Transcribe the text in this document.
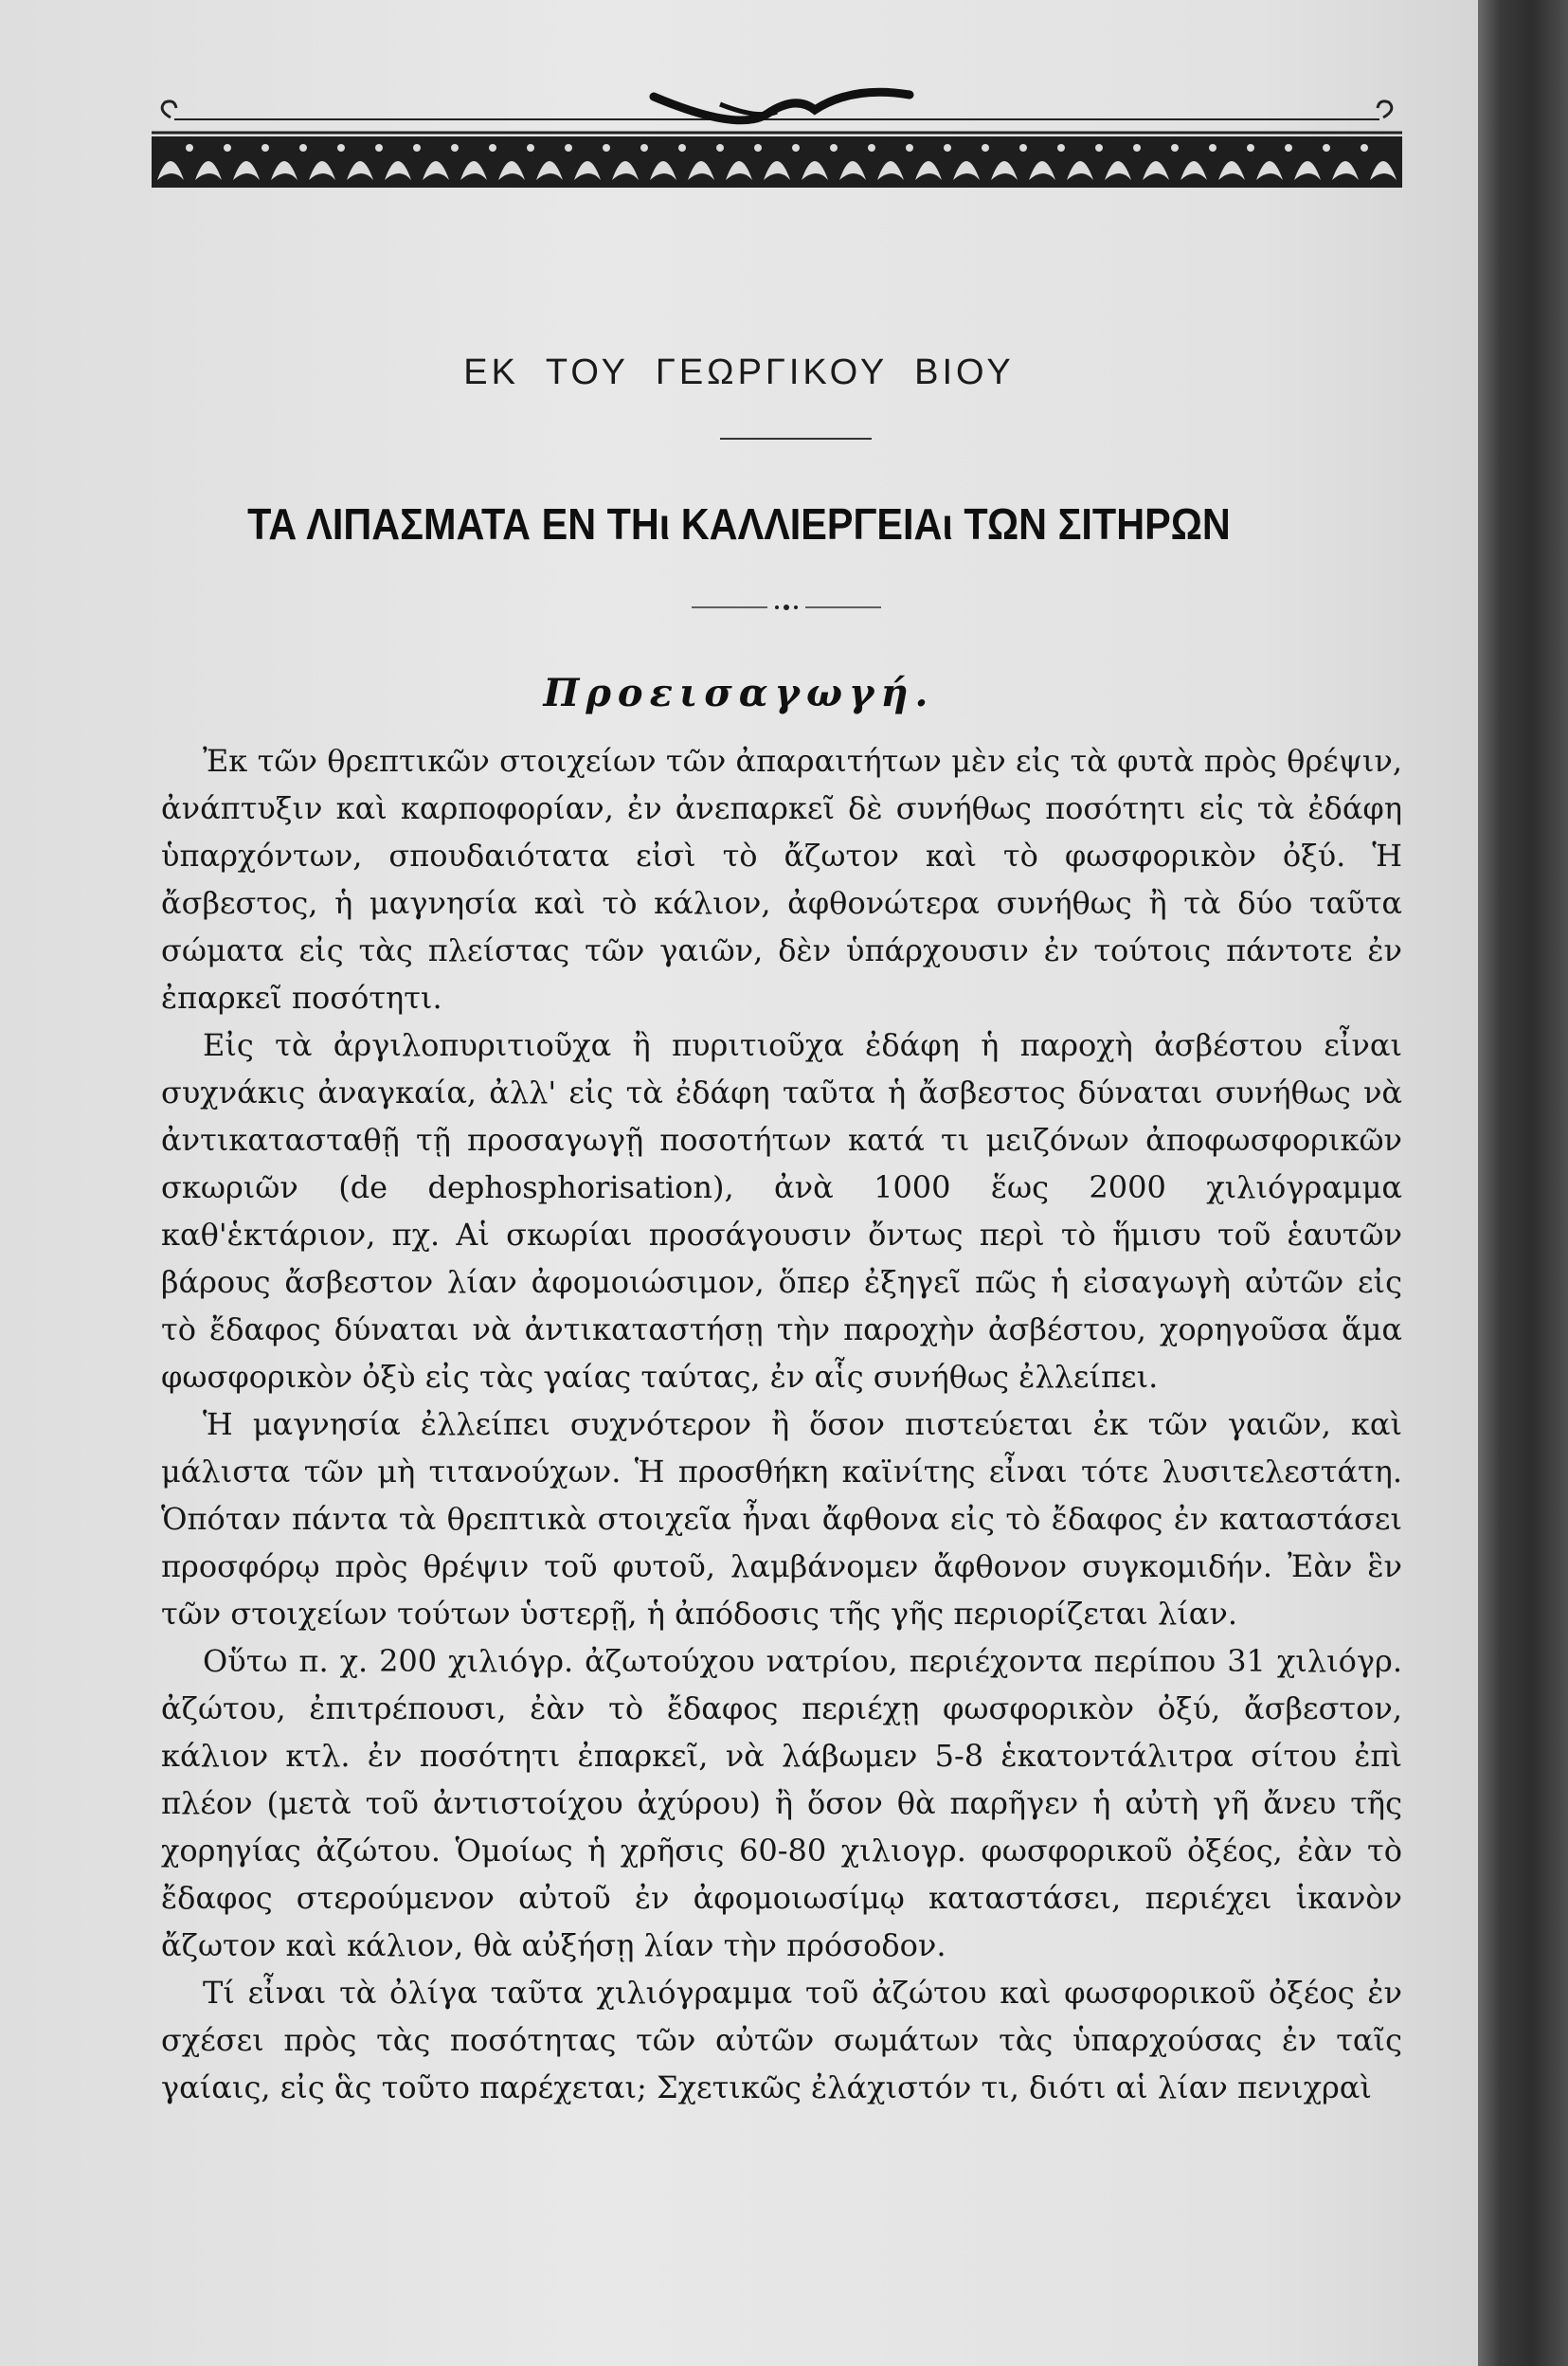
ΕΚ ΤΟΥ ΓΕΩΡΓΙΚΟΥ ΒΙΟΥ
ΤΑ ΛΙΠΑΣΜΑΤΑ ΕΝ ΤΗι ΚΑΛΛΙΕΡΓΕΙΑι ΤΩΝ ΣΙΤΗΡΩΝ
Προεισαγωγή.

Ἐκ τῶν θρεπτικῶν στοιχείων τῶν ἀπαραιτήτων μὲν εἰς τὰ φυτὰ πρὸς θρέψιν, ἀνάπτυξιν καὶ καρποφορίαν, ἐν ἀνεπαρκεῖ δὲ συνήθως ποσότητι εἰς τὰ ἐδάφη ὑπαρχόντων, σπουδαιότατα εἰσὶ τὸ ἄζωτον καὶ τὸ φωσφορικὸν ὀξύ. Ἡ ἄσβεστος, ἡ μαγνησία καὶ τὸ κάλιον, ἀφθονώτερα συνήθως ἢ τὰ δύο ταῦτα σώματα εἰς τὰς πλείστας τῶν γαιῶν, δὲν ὑπάρχουσιν ἐν τούτοις πάντοτε ἐν ἐπαρκεῖ ποσότητι.

Εἰς τὰ ἀργιλοπυριτιοῦχα ἢ πυριτιοῦχα ἐδάφη ἡ παροχὴ ἀσβέστου εἶναι συχνάκις ἀναγκαία, ἀλλ' εἰς τὰ ἐδάφη ταῦτα ἡ ἄσβεστος δύναται συνήθως νὰ ἀντικατασταθῇ τῇ προσαγωγῇ ποσοτήτων κατά τι μειζόνων ἀποφωσφορικῶν σκωριῶν (de dephosphorisation), ἀνὰ 1000 ἕως 2000 χιλιόγραμμα καθ'ἑκτάριον, πχ. Αἱ σκωρίαι προσάγουσιν ὄντως περὶ τὸ ἥμισυ τοῦ ἑαυτῶν βάρους ἄσβεστον λίαν ἀφομοιώσιμον, ὅπερ ἐξηγεῖ πῶς ἡ εἰσαγωγὴ αὐτῶν εἰς τὸ ἔδαφος δύναται νὰ ἀντικαταστήσῃ τὴν παροχὴν ἀσβέστου, χορηγοῦσα ἅμα φωσφορικὸν ὀξὺ εἰς τὰς γαίας ταύτας, ἐν αἷς συνήθως ἐλλείπει.

Ἡ μαγνησία ἐλλείπει συχνότερον ἢ ὅσον πιστεύεται ἐκ τῶν γαιῶν, καὶ μάλιστα τῶν μὴ τιτανούχων. Ἡ προσθήκη καϊνίτης εἶναι τότε λυσιτελεστάτη. Ὁπόταν πάντα τὰ θρεπτικὰ στοιχεῖα ἦναι ἄφθονα εἰς τὸ ἔδαφος ἐν καταστάσει προσφόρῳ πρὸς θρέψιν τοῦ φυτοῦ, λαμβάνομεν ἄφθονον συγκομιδήν. Ἐὰν ἓν τῶν στοιχείων τούτων ὑστερῇ, ἡ ἀπόδοσις τῆς γῆς περιορίζεται λίαν.

Οὕτω π. χ. 200 χιλιόγρ. ἀζωτούχου νατρίου, περιέχοντα περίπου 31 χιλιόγρ. ἀζώτου, ἐπιτρέπουσι, ἐὰν τὸ ἔδαφος περιέχῃ φωσφορικὸν ὀξύ, ἄσβεστον, κάλιον κτλ. ἐν ποσότητι ἐπαρκεῖ, νὰ λάβωμεν 5-8 ἑκατοντάλιτρα σίτου ἐπὶ πλέον (μετὰ τοῦ ἀντιστοίχου ἀχύρου) ἢ ὅσον θὰ παρῆγεν ἡ αὐτὴ γῆ ἄνευ τῆς χορηγίας ἀζώτου. Ὁμοίως ἡ χρῆσις 60-80 χιλιογρ. φωσφορικοῦ ὀξέος, ἐὰν τὸ ἔδαφος στερούμενον αὐτοῦ ἐν ἀφομοιωσίμῳ καταστάσει, περιέχει ἱκανὸν ἄζωτον καὶ κάλιον, θὰ αὐξήσῃ λίαν τὴν πρόσοδον.

Τί εἶναι τὰ ὀλίγα ταῦτα χιλιόγραμμα τοῦ ἀζώτου καὶ φωσφορικοῦ ὀξέος ἐν σχέσει πρὸς τὰς ποσότητας τῶν αὐτῶν σωμάτων τὰς ὑπαρχούσας ἐν ταῖς γαίαις, εἰς ἃς τοῦτο παρέχεται; Σχετικῶς ἐλάχιστόν τι, διότι αἱ λίαν πενιχραὶ
